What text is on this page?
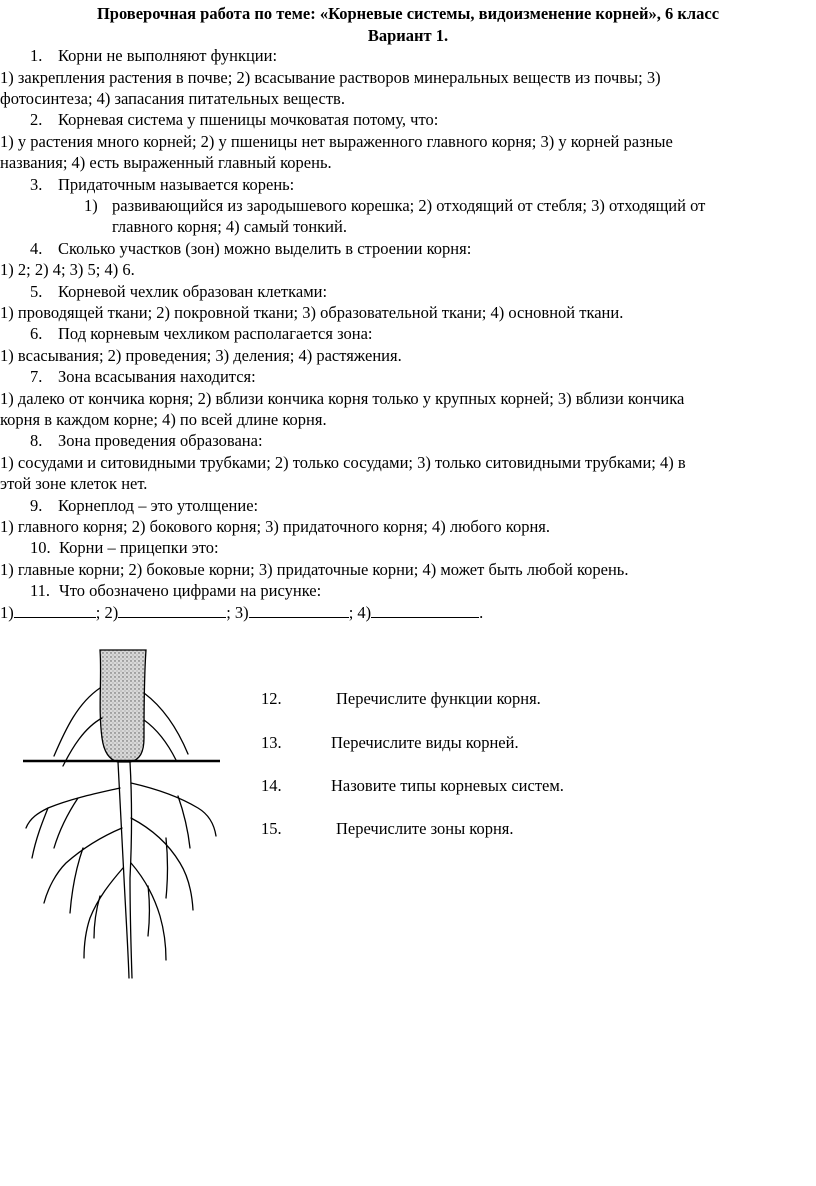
Проверочная работа по теме: «Корневые системы, видоизменение корней», 6 класс
Вариант 1.
1. Корни не выполняют функции:
1) закрепления растения в почве; 2) всасывание растворов минеральных веществ из почвы; 3)
фотосинтеза; 4) запасания питательных веществ.
2. Корневая система у пшеницы мочковатая потому, что:
1) у растения много корней; 2) у пшеницы нет выраженного главного корня; 3) у корней разные
названия; 4) есть выраженный главный корень.
3. Придаточным называется корень:
1) развивающийся из зародышевого корешка; 2) отходящий от стебля; 3) отходящий от
главного корня; 4) самый тонкий.
4. Сколько участков (зон) можно выделить в строении корня:
1) 2; 2) 4; 3) 5; 4) 6.
5. Корневой чехлик образован клетками:
1) проводящей ткани; 2) покровной ткани; 3) образовательной ткани; 4) основной ткани.
6. Под корневым чехликом располагается зона:
1) всасывания; 2) проведения; 3) деления; 4) растяжения.
7. Зона всасывания находится:
1) далеко от кончика корня; 2) вблизи кончика корня только у крупных корней; 3) вблизи кончика
корня в каждом корне; 4) по всей длине корня.
8. Зона проведения образована:
1) сосудами и ситовидными трубками; 2) только сосудами; 3) только ситовидными трубками; 4) в
этой зоне клеток нет.
9. Корнеплод – это утолщение:
1) главного корня; 2) бокового корня; 3) придаточного корня; 4) любого корня.
10. Корни – прицепки это:
1) главные корни; 2) боковые корни; 3) придаточные корни; 4) может быть любой корень.
11. Что обозначено цифрами на рисунке:
1)	; 2)	; 3)	; 4)	.
12.	Перечислите функции корня.
13.	Перечислите виды корней.
14.	Назовите типы корневых систем.
15.	Перечислите зоны корня.
